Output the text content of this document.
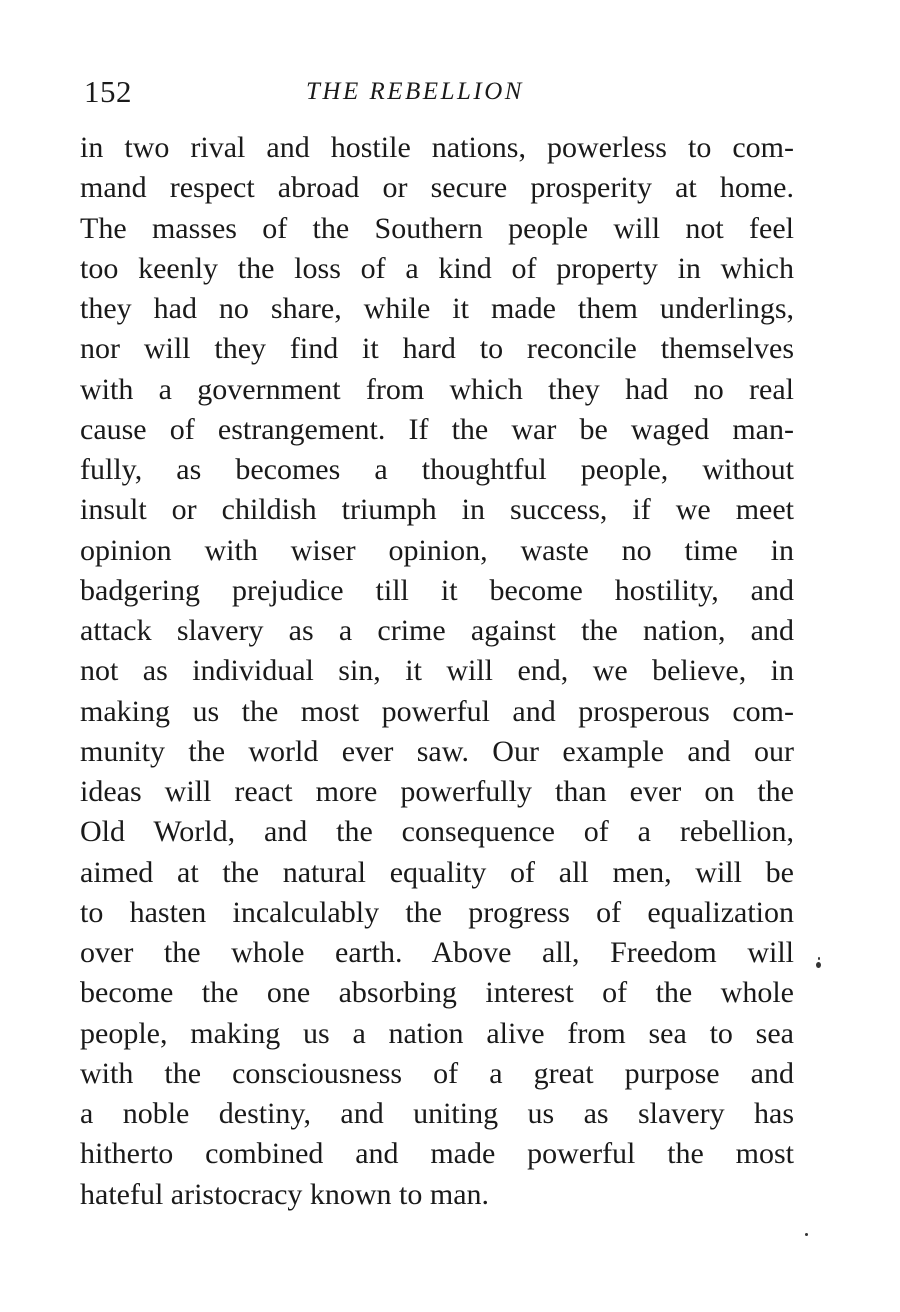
152	THE REBELLION
in two rival and hostile nations, powerless to com-
mand respect abroad or secure prosperity at home.
The masses of the Southern people will not feel
too keenly the loss of a kind of property in which
they had no share, while it made them underlings,
nor will they find it hard to reconcile themselves
with a government from which they had no real
cause of estrangement. If the war be waged man-
fully, as becomes a thoughtful people, without
insult or childish triumph in success, if we meet
opinion with wiser opinion, waste no time in
badgering prejudice till it become hostility, and
attack slavery as a crime against the nation, and
not as individual sin, it will end, we believe, in
making us the most powerful and prosperous com-
munity the world ever saw. Our example and our
ideas will react more powerfully than ever on the
Old World, and the consequence of a rebellion,
aimed at the natural equality of all men, will be
to hasten incalculably the progress of equalization
over the whole earth. Above all, Freedom will
become the one absorbing interest of the whole
people, making us a nation alive from sea to sea
with the consciousness of a great purpose and
a noble destiny, and uniting us as slavery has
hitherto combined and made powerful the most
hateful aristocracy known to man.
